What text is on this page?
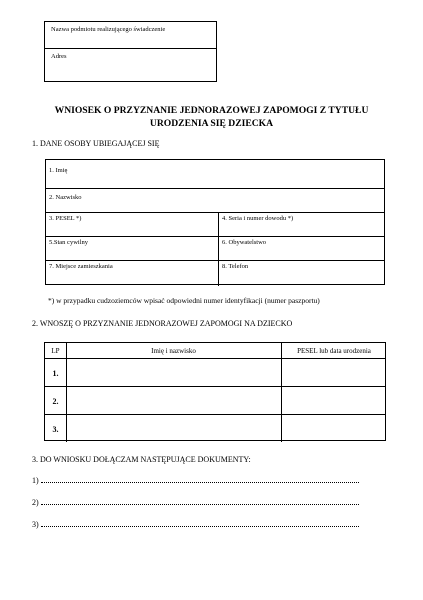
Nazwa podmiotu realizującego świadczenie
Adres
WNIOSEK O PRZYZNANIE JEDNORAZOWEJ ZAPOMOGI Z TYTUŁU
URODZENIA SIĘ DZIECKA
1. DANE OSOBY UBIEGAJĄCEJ SIĘ
1. Imię
2. Nazwisko
3. PESEL *)	4. Seria i numer dowodu *)
5.Stan cywilny	6. Obywatelstwo
7. Miejsce zamieszkania	8. Telefon
*) w przypadku cudzoziemców wpisać odpowiedni numer identyfikacji (numer paszportu)
2. WNOSZĘ O PRZYZNANIE JEDNORAZOWEJ ZAPOMOGI NA DZIECKO
LP	Imię i nazwisko	PESEL lub data urodzenia
1.
2.
3.
3. DO WNIOSKU DOŁĄCZAM NASTĘPUJĄCE DOKUMENTY:
1)
2)
3)
